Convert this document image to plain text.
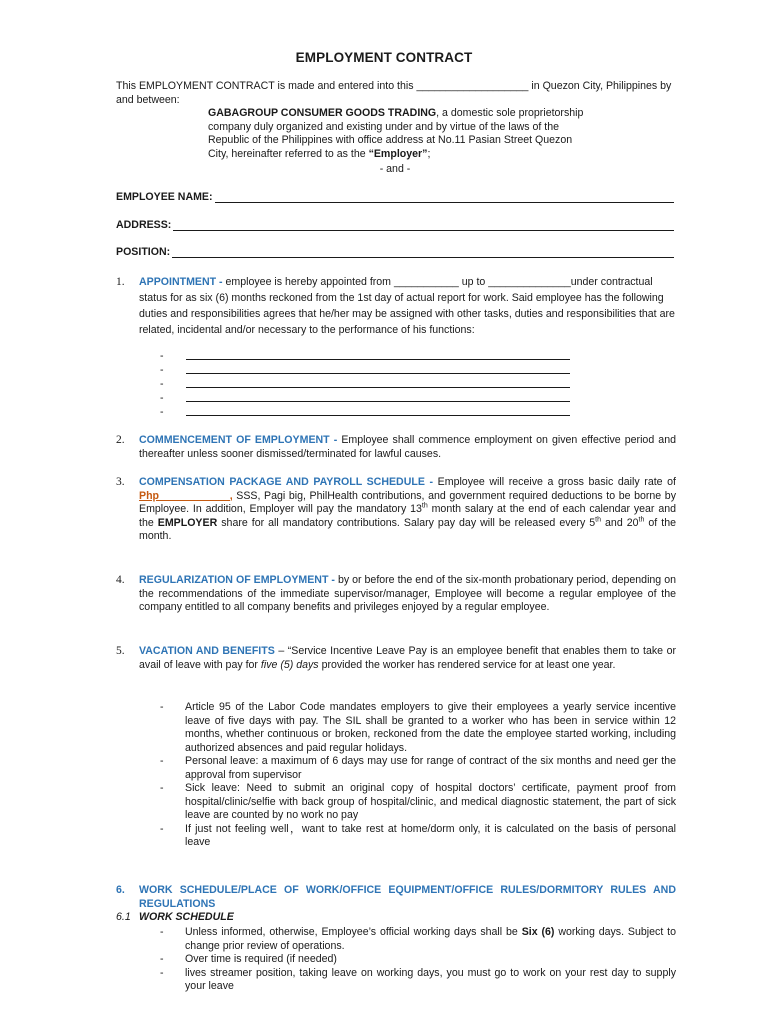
EMPLOYMENT CONTRACT
This EMPLOYMENT CONTRACT is made and entered into this ___________________ in Quezon City, Philippines by and between:
GABAGROUP CONSUMER GOODS TRADING, a domestic sole proprietorship company duly organized and existing under and by virtue of the laws of the Republic of the Philippines with office address at No.11 Pasian Street Quezon City, hereinafter referred to as the “Employer”;
- and -
EMPLOYEE NAME:
ADDRESS:
POSITION:
1.	APPOINTMENT - employee is hereby appointed from ___________ up to ______________under contractual status for as six (6) months reckoned from the 1st day of actual report for work. Said employee has the following duties and responsibilities agrees that he/her may be assigned with other tasks, duties and responsibilities that are related, incidental and/or necessary to the performance of his functions:
-
-
-
-
-
2.	COMMENCEMENT OF EMPLOYMENT - Employee shall commence employment on given effective period and thereafter unless sooner dismissed/terminated for lawful causes.
3.	COMPENSATION PACKAGE AND PAYROLL SCHEDULE - Employee will receive a gross basic daily rate of Php____________, SSS, Pagi big, PhilHealth contributions, and government required deductions to be borne by Employee. In addition, Employer will pay the mandatory 13th month salary at the end of each calendar year and the EMPLOYER share for all mandatory contributions. Salary pay day will be released every 5th and 20th of the month.
4.	REGULARIZATION OF EMPLOYMENT - by or before the end of the six-month probationary period, depending on the recommendations of the immediate supervisor/manager, Employee will become a regular employee of the company entitled to all company benefits and privileges enjoyed by a regular employee.
5.	VACATION AND BENEFITS – “Service Incentive Leave Pay is an employee benefit that enables them to take or avail of leave with pay for five (5) days provided the worker has rendered service for at least one year.
-	Article 95 of the Labor Code mandates employers to give their employees a yearly service incentive leave of five days with pay. The SIL shall be granted to a worker who has been in service within 12 months, whether continuous or broken, reckoned from the date the employee started working, including authorized absences and paid regular holidays.
-	Personal leave: a maximum of 6 days may use for range of contract of the six months and need ger the approval from supervisor
-	Sick leave: Need to submit an original copy of hospital doctors’ certificate, payment proof from hospital/clinic/selfie with back group of hospital/clinic, and medical diagnostic statement, the part of sick leave are counted by no work no pay
-	If just not feeling well，want to take rest at home/dorm only, it is calculated on the basis of personal leave
6.	WORK SCHEDULE/PLACE OF WORK/OFFICE EQUIPMENT/OFFICE RULES/DORMITORY RULES AND REGULATIONS
6.1 WORK SCHEDULE
-	Unless informed, otherwise, Employee’s official working days shall be Six (6) working days. Subject to change prior review of operations.
-	Over time is required (if needed)
-	lives streamer position, taking leave on working days, you must go to work on your rest day to supply your leave
